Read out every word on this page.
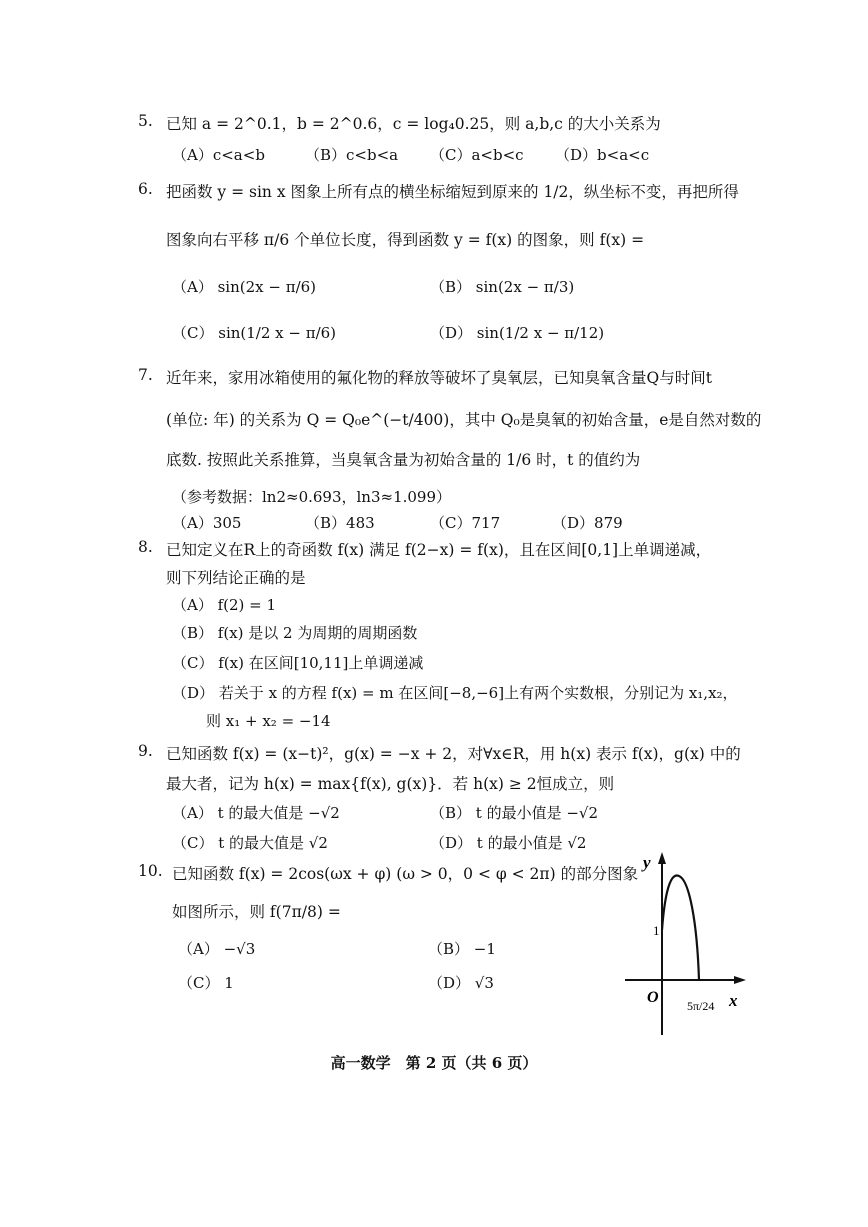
5. 已知 a = 2^0.1，b = 2^0.6，c = log₄0.25，则 a,b,c 的大小关系为
（A）c<a<b	（B）c<b<a （C）a<b<c （D）b<a<c
6. 把函数 y = sin x 图象上所有点的横坐标缩短到原来的 1/2，纵坐标不变，再把所得
图象向右平移 π/6 个单位长度，得到函数 y = f(x) 的图象，则 f(x) =
（A） sin(2x − π/6)	（B） sin(2x − π/3)
（C） sin(1/2 x − π/6)	（D） sin(1/2 x − π/12)
7. 近年来，家用冰箱使用的氟化物的释放等破坏了臭氧层，已知臭氧含量Q与时间t
(单位: 年) 的关系为 Q = Q₀e^(−t/400)，其中 Q₀是臭氧的初始含量，e是自然对数的
底数. 按照此关系推算，当臭氧含量为初始含量的 1/6 时，t 的值约为
（参考数据：ln2≈0.693，ln3≈1.099）
（A）305	（B）483	（C）717	（D）879
8. 已知定义在R上的奇函数 f(x) 满足 f(2−x) = f(x)，且在区间[0,1]上单调递减，
则下列结论正确的是
（A） f(2) = 1
（B） f(x) 是以 2 为周期的周期函数
（C） f(x) 在区间[10,11]上单调递减
（D） 若关于 x 的方程 f(x) = m 在区间[−8,−6]上有两个实数根，分别记为 x₁,x₂，
则 x₁ + x₂ = −14
9. 已知函数 f(x) = (x−t)²，g(x) = −x + 2，对∀x∈R，用 h(x) 表示 f(x)，g(x) 中的
最大者，记为 h(x) = max{f(x), g(x)}．若 h(x) ≥ 2恒成立，则
（A） t 的最大值是 −√2	（B） t 的最小值是 −√2
（C） t 的最大值是 √2	（D） t 的最小值是 √2
10. 已知函数 f(x) = 2cos(ωx + φ) (ω > 0，0 < φ < 2π) 的部分图象
如图所示，则 f(7π/8) =
（A） −√3	（B） −1
（C） 1	（D） √3
y
x
O
1
5π/24
高一数学　第 2 页（共 6 页）
